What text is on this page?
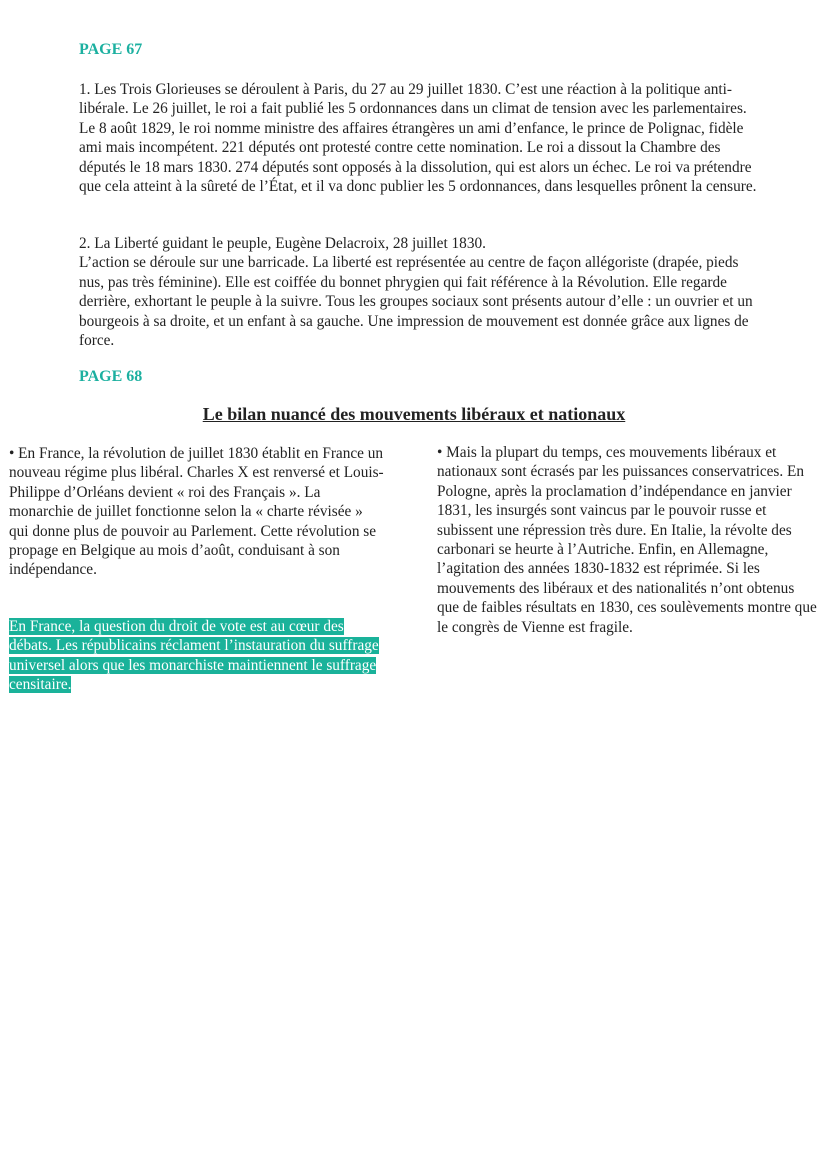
PAGE 67

1. Les Trois Glorieuses se déroulent à Paris, du 27 au 29 juillet 1830. C’est une réaction à la politique anti-libérale. Le 26 juillet, le roi a fait publié les 5 ordonnances dans un climat de tension avec les parlementaires. Le 8 août 1829, le roi nomme ministre des affaires étrangères un ami d’enfance, le prince de Polignac, fidèle ami mais incompétent. 221 députés ont protesté contre cette nomination. Le roi a dissout la Chambre des députés le 18 mars 1830. 274 députés sont opposés à la dissolution, qui est alors un échec. Le roi va prétendre que cela atteint à la sûreté de l’État, et il va donc publier les 5 ordonnances, dans lesquelles prônent la censure.

2. La Liberté guidant le peuple, Eugène Delacroix, 28 juillet 1830.
L’action se déroule sur une barricade. La liberté est représentée au centre de façon allégoriste (drapée, pieds nus, pas très féminine). Elle est coiffée du bonnet phrygien qui fait référence à la Révolution. Elle regarde derrière, exhortant le peuple à la suivre. Tous les groupes sociaux sont présents autour d’elle : un ouvrier et un bourgeois à sa droite, et un enfant à sa gauche. Une impression de mouvement est donnée grâce aux lignes de force.
PAGE 68
Le bilan nuancé des mouvements libéraux et nationaux

• En France, la révolution de juillet 1830 établit en France un nouveau régime plus libéral. Charles X est renversé et Louis-Philippe d’Orléans devient « roi des Français ». La monarchie de juillet fonctionne selon la « charte révisée » qui donne plus de pouvoir au Parlement. Cette révolution se propage en Belgique au mois d’août, conduisant à son indépendance.

En France, la question du droit de vote est au cœur des débats. Les républicains réclament l’instauration du suffrage universel alors que les monarchiste maintiennent le suffrage censitaire.

• Mais la plupart du temps, ces mouvements libéraux et nationaux sont écrasés par les puissances conservatrices. En Pologne, après la proclamation d’indépendance en janvier 1831, les insurgés sont vaincus par le pouvoir russe et subissent une répression très dure. En Italie, la révolte des carbonari se heurte à l’Autriche. Enfin, en Allemagne, l’agitation des années 1830-1832 est réprimée. Si les mouvements des libéraux et des nationalités n’ont obtenus que de faibles résultats en 1830, ces soulèvements montre que le congrès de Vienne est fragile.
